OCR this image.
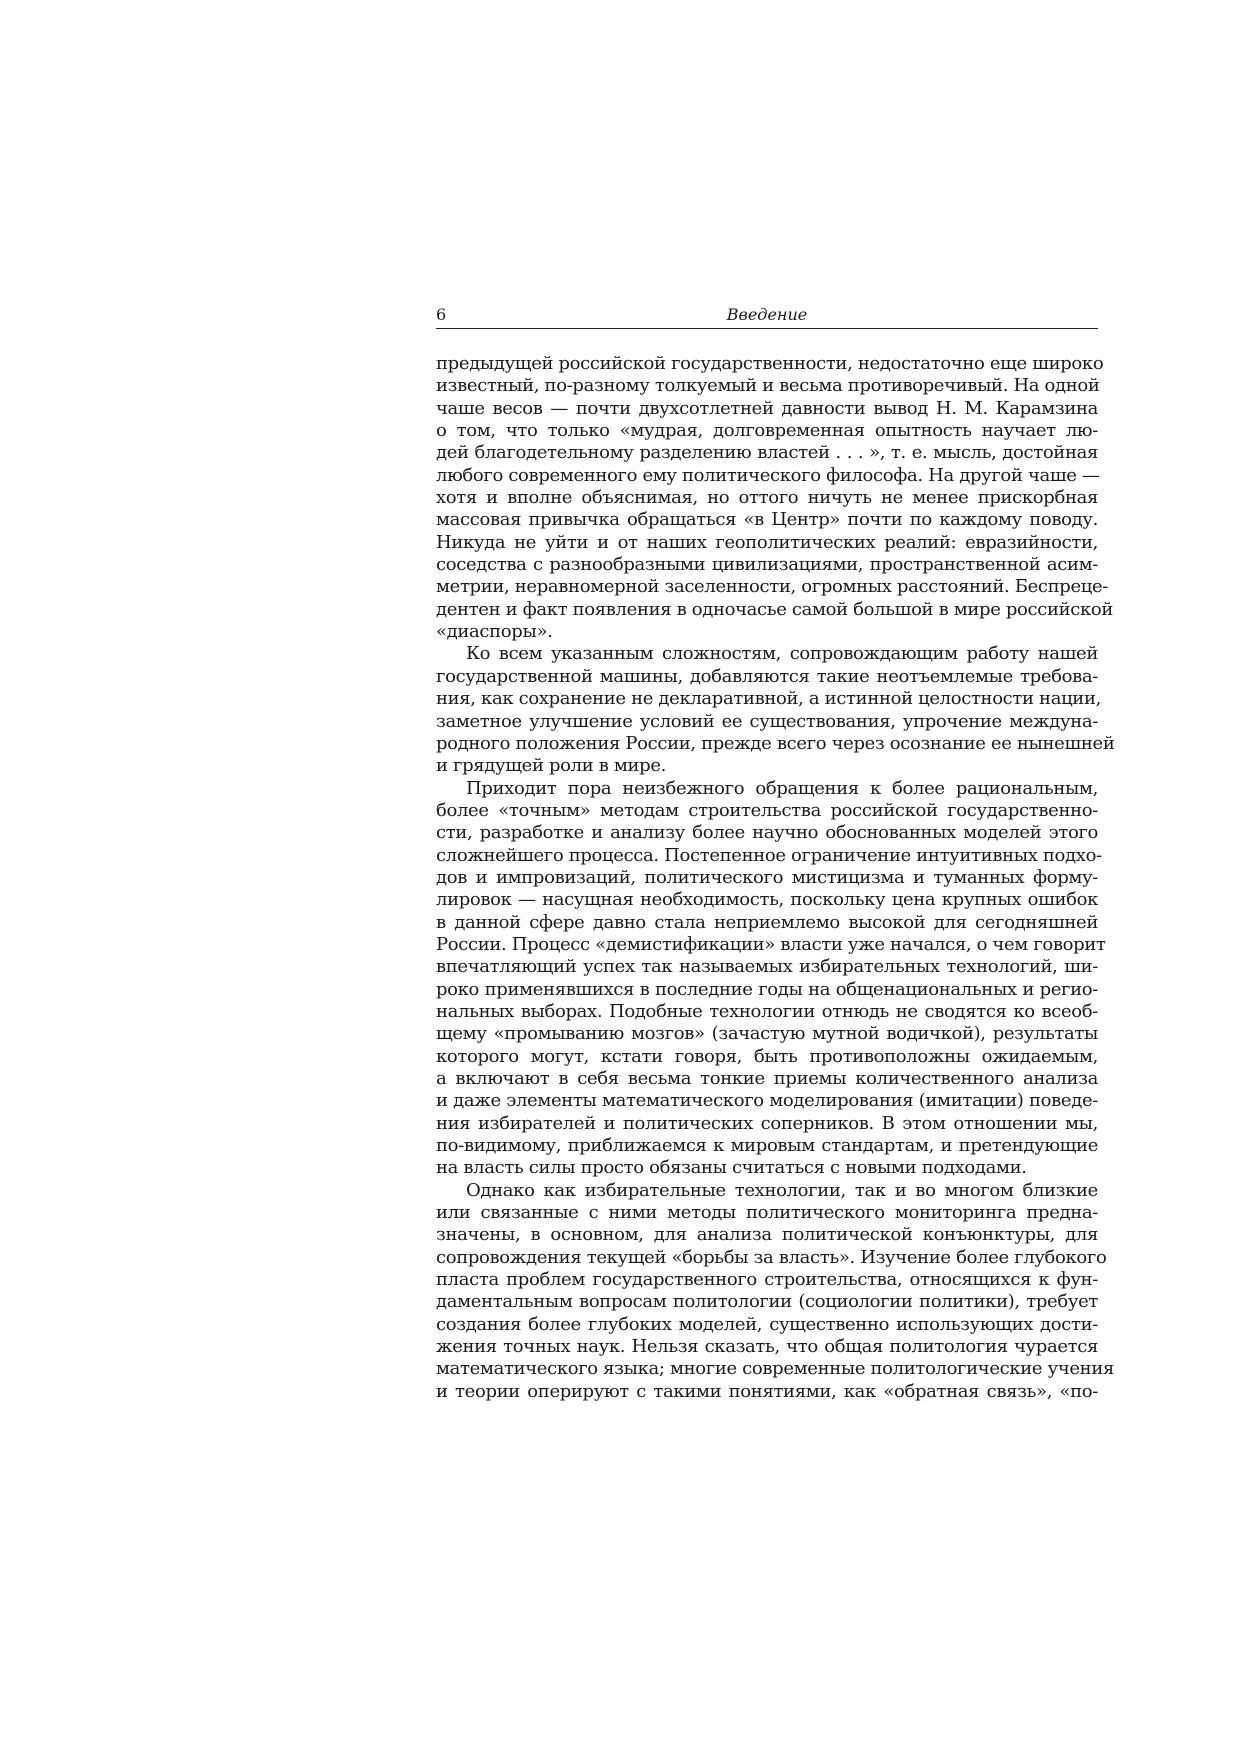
6	Введение
предыдущей российской государственности, недостаточно еще широко
известный, по-разному толкуемый и весьма противоречивый. На одной
чаше весов — почти двухсотлетней давности вывод Н. М. Карамзина
о том, что только «мудрая, долговременная опытность научает лю-
дей благодетельному разделению властей . . . », т. е. мысль, достойная
любого современного ему политического философа. На другой чаше —
хотя и вполне объяснимая, но оттого ничуть не менее прискорбная
массовая привычка обращаться «в Центр» почти по каждому поводу.
Никуда не уйти и от наших геополитических реалий: евразийности,
соседства с разнообразными цивилизациями, пространственной асим-
метрии, неравномерной заселенности, огромных расстояний. Беспреце-
дентен и факт появления в одночасье самой большой в мире российской
«диаспоры».
Ко всем указанным сложностям, сопровождающим работу нашей
государственной машины, добавляются такие неотъемлемые требова-
ния, как сохранение не декларативной, а истинной целостности нации,
заметное улучшение условий ее существования, упрочение междуна-
родного положения России, прежде всего через осознание ее нынешней
и грядущей роли в мире.
Приходит пора неизбежного обращения к более рациональным,
более «точным» методам строительства российской государственно-
сти, разработке и анализу более научно обоснованных моделей этого
сложнейшего процесса. Постепенное ограничение интуитивных подхо-
дов и импровизаций, политического мистицизма и туманных форму-
лировок — насущная необходимость, поскольку цена крупных ошибок
в данной сфере давно стала неприемлемо высокой для сегодняшней
России. Процесс «демистификации» власти уже начался, о чем говорит
впечатляющий успех так называемых избирательных технологий, ши-
роко применявшихся в последние годы на общенациональных и регио-
нальных выборах. Подобные технологии отнюдь не сводятся ко всеоб-
щему «промыванию мозгов» (зачастую мутной водичкой), результаты
которого могут, кстати говоря, быть противоположны ожидаемым,
а включают в себя весьма тонкие приемы количественного анализа
и даже элементы математического моделирования (имитации) поведе-
ния избирателей и политических соперников. В этом отношении мы,
по-видимому, приближаемся к мировым стандартам, и претендующие
на власть силы просто обязаны считаться с новыми подходами.
Однако как избирательные технологии, так и во многом близкие
или связанные с ними методы политического мониторинга предна-
значены, в основном, для анализа политической конъюнктуры, для
сопровождения текущей «борьбы за власть». Изучение более глубокого
пласта проблем государственного строительства, относящихся к фун-
даментальным вопросам политологии (социологии политики), требует
создания более глубоких моделей, существенно использующих дости-
жения точных наук. Нельзя сказать, что общая политология чурается
математического языка; многие современные политологические учения
и теории оперируют с такими понятиями, как «обратная связь», «по-
